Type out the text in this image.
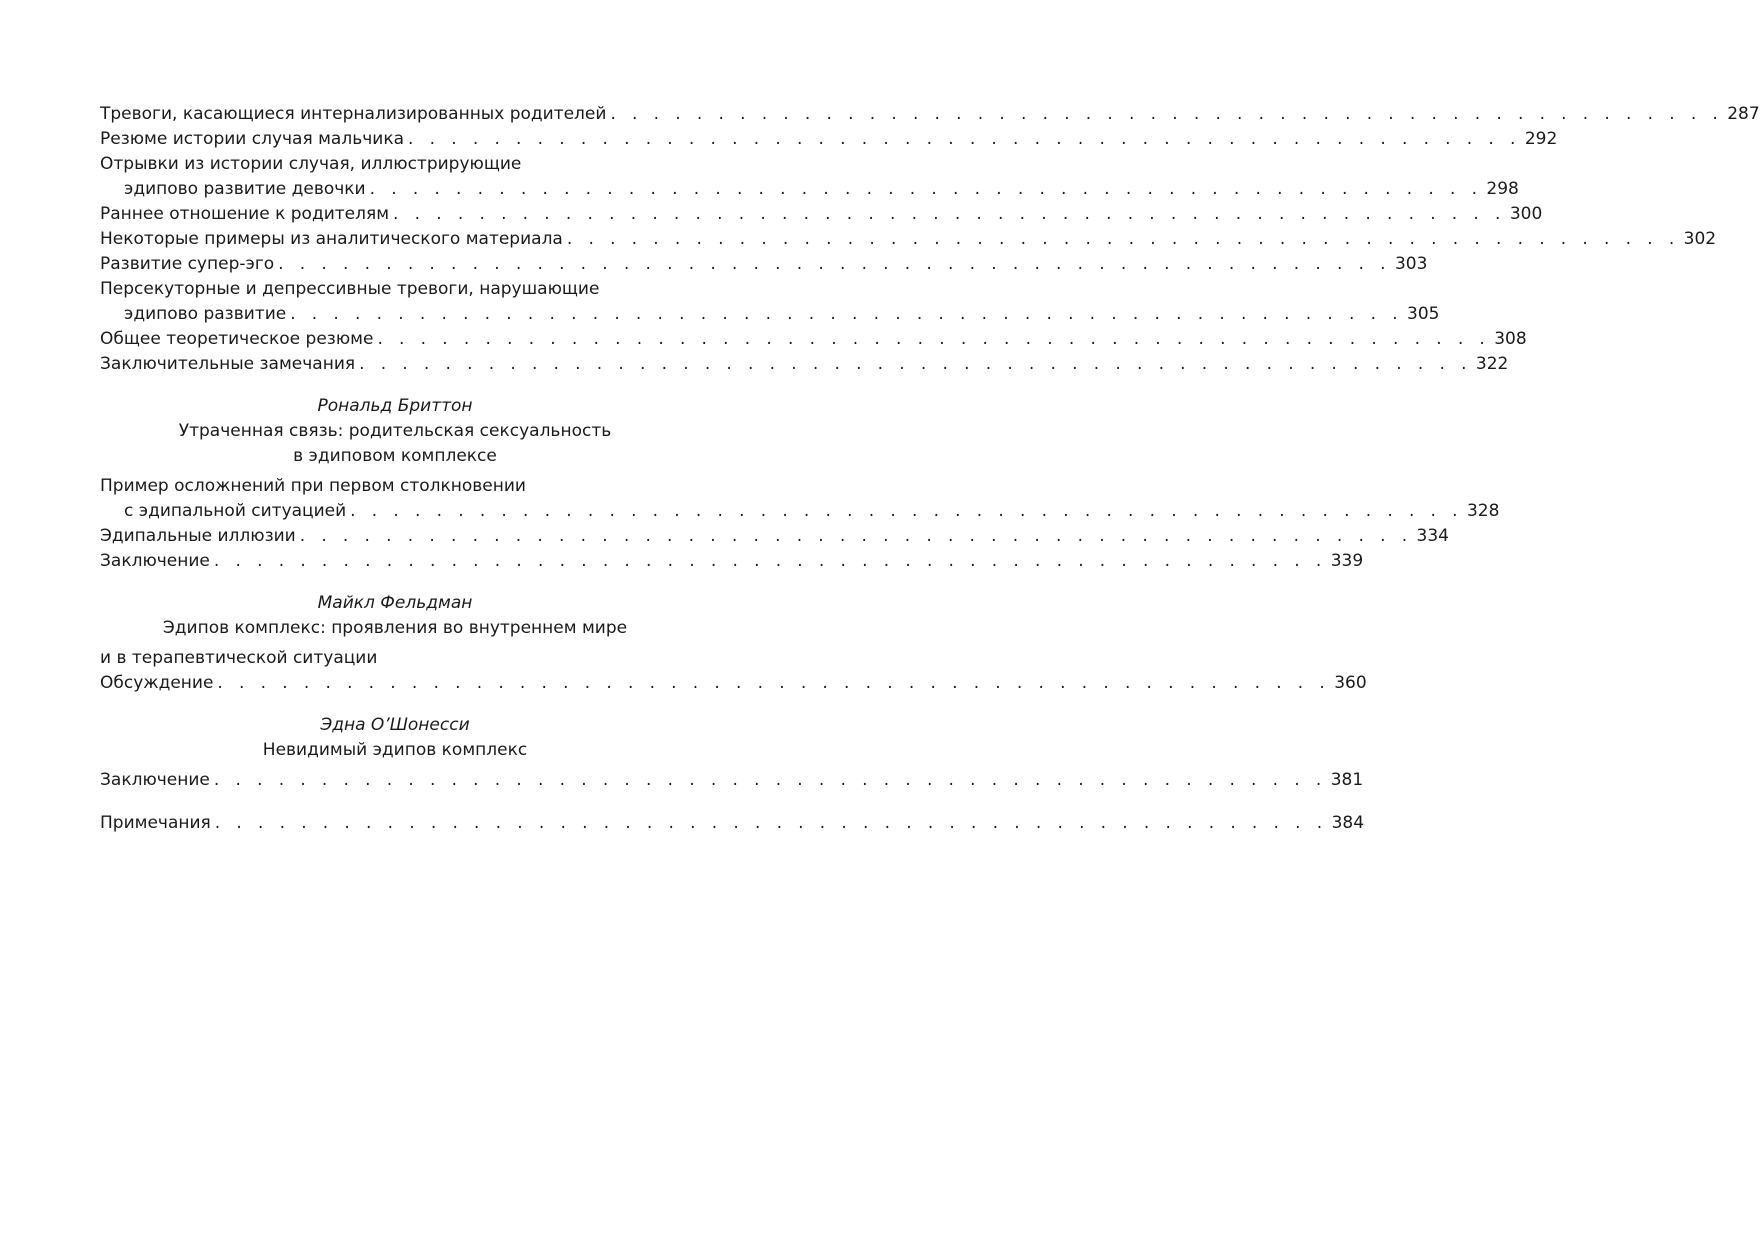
Тревоги, касающиеся интернализированных родителей . . . . . . . . . . . . . . . . . . . . . . . . . . . . . . . . . . . . . . . . . . . . . . . . . . . . 287
Резюме истории случая мальчика . . . . . . . . . . . . . . . . . . . . . . . . . . . . . . . . . . . . . . . . . . . . . . . . . . . . 292
Отрывки из истории случая, иллюстрирующие
эдипово развитие девочки . . . . . . . . . . . . . . . . . . . . . . . . . . . . . . . . . . . . . . . . . . . . . . . . . . . . 298
Раннее отношение к родителям . . . . . . . . . . . . . . . . . . . . . . . . . . . . . . . . . . . . . . . . . . . . . . . . . . . . 300
Некоторые примеры из аналитического материала . . . . . . . . . . . . . . . . . . . . . . . . . . . . . . . . . . . . . . . . . . . . . . . . . . . . 302
Развитие супер-эго . . . . . . . . . . . . . . . . . . . . . . . . . . . . . . . . . . . . . . . . . . . . . . . . . . . . 303
Персекуторные и депрессивные тревоги, нарушающие
эдипово развитие . . . . . . . . . . . . . . . . . . . . . . . . . . . . . . . . . . . . . . . . . . . . . . . . . . . . 305
Общее теоретическое резюме . . . . . . . . . . . . . . . . . . . . . . . . . . . . . . . . . . . . . . . . . . . . . . . . . . . . 308
Заключительные замечания . . . . . . . . . . . . . . . . . . . . . . . . . . . . . . . . . . . . . . . . . . . . . . . . . . . . 322
Рональд Бриттон
Утраченная связь: родительская сексуальность
в эдиповом комплексе
Пример осложнений при первом столкновении
с эдипальной ситуацией . . . . . . . . . . . . . . . . . . . . . . . . . . . . . . . . . . . . . . . . . . . . . . . . . . . . 328
Эдипальные иллюзии . . . . . . . . . . . . . . . . . . . . . . . . . . . . . . . . . . . . . . . . . . . . . . . . . . . . 334
Заключение . . . . . . . . . . . . . . . . . . . . . . . . . . . . . . . . . . . . . . . . . . . . . . . . . . . . 339
Майкл Фельдман
Эдипов комплекс: проявления во внутреннем мире
и в терапевтической ситуации
Обсуждение . . . . . . . . . . . . . . . . . . . . . . . . . . . . . . . . . . . . . . . . . . . . . . . . . . . . 360
Эдна О’Шонесси
Невидимый эдипов комплекс
Заключение . . . . . . . . . . . . . . . . . . . . . . . . . . . . . . . . . . . . . . . . . . . . . . . . . . . . 381
Примечания . . . . . . . . . . . . . . . . . . . . . . . . . . . . . . . . . . . . . . . . . . . . . . . . . . . . 384
